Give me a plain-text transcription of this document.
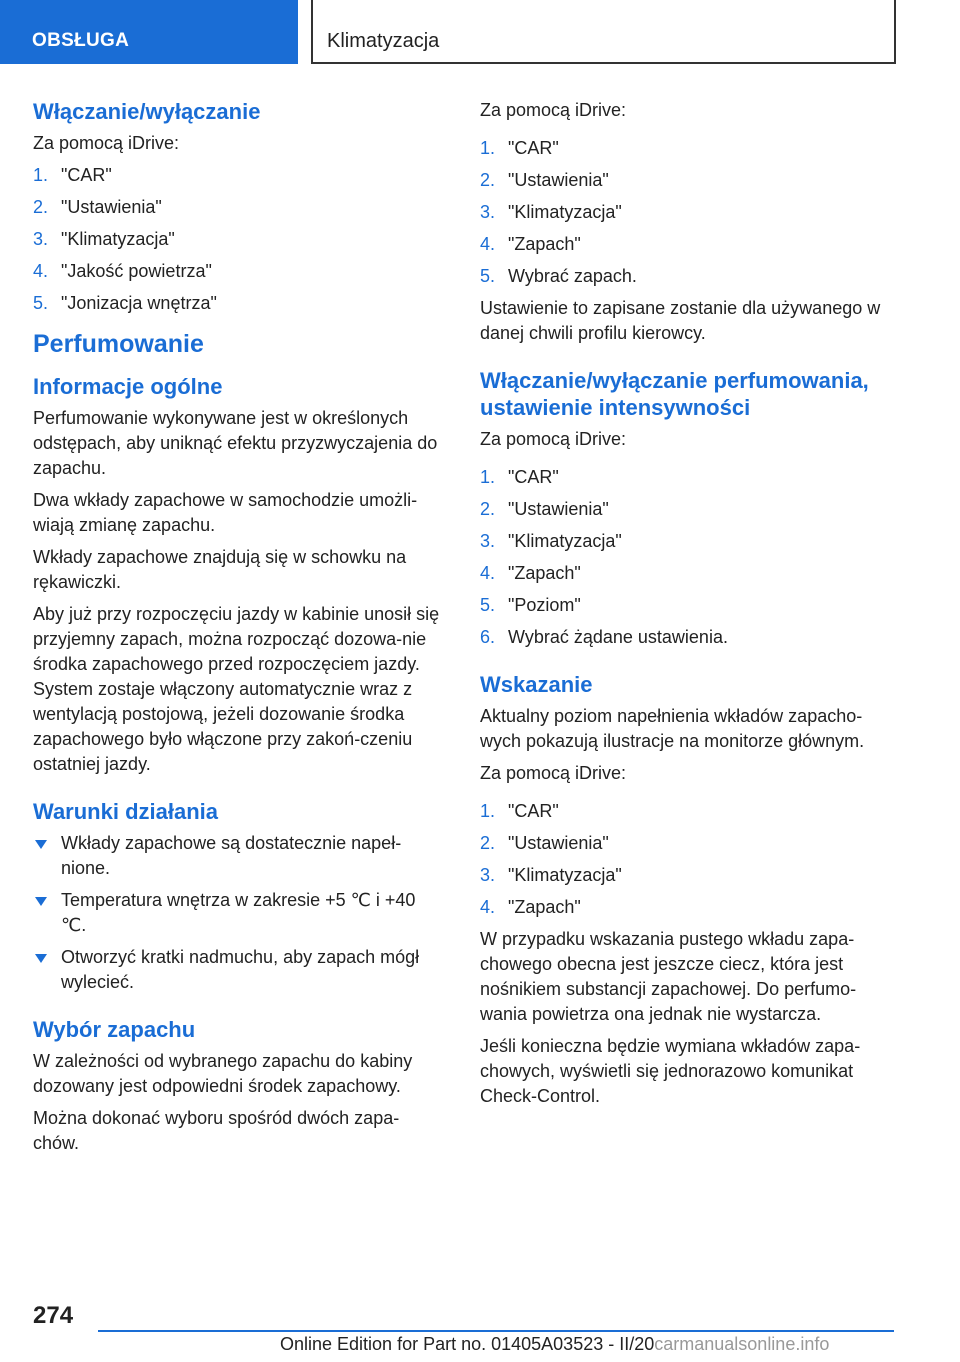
OBSŁUGA	Klimatyzacja
Włączanie/wyłączanie
Za pomocą iDrive:
1. "CAR"
2. "Ustawienia"
3. "Klimatyzacja"
4. "Jakość powietrza"
5. "Jonizacja wnętrza"
Perfumowanie
Informacje ogólne
Perfumowanie wykonywane jest w określonych odstępach, aby uniknąć efektu przyzwyczajenia do zapachu.
Dwa wkłady zapachowe w samochodzie umożli‐wiają zmianę zapachu.
Wkłady zapachowe znajdują się w schowku na rękawiczki.
Aby już przy rozpoczęciu jazdy w kabinie unosił się przyjemny zapach, można rozpocząć dozowa‐nie środka zapachowego przed rozpoczęciem jazdy. System zostaje włączony automatycznie wraz z wentylacją postojową, jeżeli dozowanie środka zapachowego było włączone przy zakoń‐czeniu ostatniej jazdy.
Warunki działania
Wkłady zapachowe są dostatecznie napeł‐nione.
Temperatura wnętrza w zakresie +5 ℃ i +40 ℃.
Otworzyć kratki nadmuchu, aby zapach mógł wylecieć.
Wybór zapachu
W zależności od wybranego zapachu do kabiny dozowany jest odpowiedni środek zapachowy.
Można dokonać wyboru spośród dwóch zapa‐chów.
Za pomocą iDrive:
1. "CAR"
2. "Ustawienia"
3. "Klimatyzacja"
4. "Zapach"
5. Wybrać zapach.
Ustawienie to zapisane zostanie dla używanego w danej chwili profilu kierowcy.
Włączanie/wyłączanie perfumowania, ustawienie intensywności
Za pomocą iDrive:
1. "CAR"
2. "Ustawienia"
3. "Klimatyzacja"
4. "Zapach"
5. "Poziom"
6. Wybrać żądane ustawienia.
Wskazanie
Aktualny poziom napełnienia wkładów zapacho‐wych pokazują ilustracje na monitorze głównym.
Za pomocą iDrive:
1. "CAR"
2. "Ustawienia"
3. "Klimatyzacja"
4. "Zapach"
W przypadku wskazania pustego wkładu zapa‐chowego obecna jest jeszcze ciecz, która jest nośnikiem substancji zapachowej. Do perfumo‐wania powietrza ona jednak nie wystarcza.
Jeśli konieczna będzie wymiana wkładów zapa‐chowych, wyświetli się jednorazowo komunikat Check-Control.
274
Online Edition for Part no. 01405A03523 - II/20carmanualsonline.info
